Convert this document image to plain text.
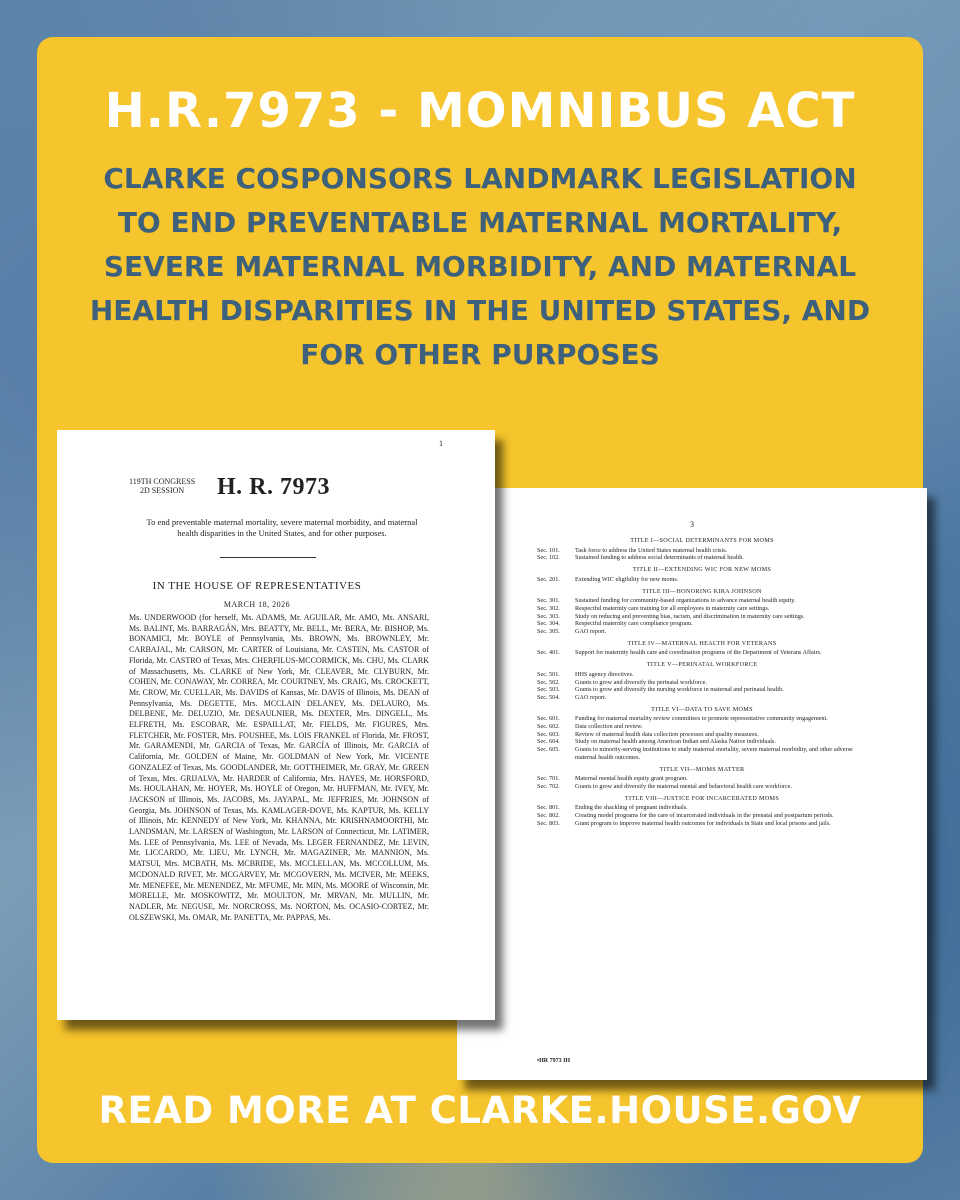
H.R.7973 - MOMNIBUS ACT

CLARKE COSPONSORS LANDMARK LEGISLATION TO END PREVENTABLE MATERNAL MORTALITY, SEVERE MATERNAL MORBIDITY, AND MATERNAL HEALTH DISPARITIES IN THE UNITED STATES, AND FOR OTHER PURPOSES

3
TITLE I—SOCIAL DETERMINANTS FOR MOMS
Sec. 101.	Task force to address the United States maternal health crisis.
Sec. 102.	Sustained funding to address social determinants of maternal health.
TITLE II—EXTENDING WIC FOR NEW MOMS
Sec. 201.	Extending WIC eligibility for new moms.
TITLE III—HONORING KIRA JOHNSON
Sec. 301.	Sustained funding for community-based organizations to advance maternal health equity.
Sec. 302.	Respectful maternity care training for all employees in maternity care settings.
Sec. 303.	Study on reducing and preventing bias, racism, and discrimination in maternity care settings.
Sec. 304.	Respectful maternity care compliance program.
Sec. 305.	GAO report.
TITLE IV—MATERNAL HEALTH FOR VETERANS
Sec. 401.	Support for maternity health care and coordination programs of the Department of Veterans Affairs.
TITLE V—PERINATAL WORKFORCE
Sec. 501.	HHS agency directives.
Sec. 502.	Grants to grow and diversify the perinatal workforce.
Sec. 503.	Grants to grow and diversify the nursing workforce in maternal and perinatal health.
Sec. 504.	GAO report.
TITLE VI—DATA TO SAVE MOMS
Sec. 601.	Funding for maternal mortality review committees to promote representative community engagement.
Sec. 602.	Data collection and review.
Sec. 603.	Review of maternal health data collection processes and quality measures.
Sec. 604.	Study on maternal health among American Indian and Alaska Native individuals.
Sec. 605.	Grants to minority-serving institutions to study maternal mortality, severe maternal morbidity, and other adverse maternal health outcomes.
TITLE VII—MOMS MATTER
Sec. 701.	Maternal mental health equity grant program.
Sec. 702.	Grants to grow and diversify the maternal mental and behavioral health care workforce.
TITLE VIII—JUSTICE FOR INCARCERATED MOMS
Sec. 801.	Ending the shackling of pregnant individuals.
Sec. 802.	Creating model programs for the care of incarcerated individuals in the prenatal and postpartum periods.
Sec. 803.	Grant program to improve maternal health outcomes for individuals in State and local prisons and jails.
•HR 7973 IH
1
119TH CONGRESS
2D SESSION	H. R. 7973
To end preventable maternal mortality, severe maternal morbidity, and maternal health disparities in the United States, and for other purposes.
IN THE HOUSE OF REPRESENTATIVES
MARCH 18, 2026

Ms. UNDERWOOD (for herself, Ms. ADAMS, Mr. AGUILAR, Mr. AMO, Ms. ANSARI, Ms. BALINT, Ms. BARRAGÁN, Mrs. BEATTY, Mr. BELL, Mr. BERA, Mr. BISHOP, Ms. BONAMICI, Mr. BOYLE of Pennsylvania, Ms. BROWN, Ms. BROWNLEY, Mr. CARBAJAL, Mr. CARSON, Mr. CARTER of Louisiana, Mr. CASTEN, Ms. CASTOR of Florida, Mr. CASTRO of Texas, Mrs. CHERFILUS-MCCORMICK, Ms. CHU, Ms. CLARK of Massachusetts, Ms. CLARKE of New York, Mr. CLEAVER, Mr. CLYBURN, Mr. COHEN, Mr. CONAWAY, Mr. CORREA, Mr. COURTNEY, Ms. CRAIG, Ms. CROCKETT, Mr. CROW, Mr. CUELLAR, Ms. DAVIDS of Kansas, Mr. DAVIS of Illinois, Ms. DEAN of Pennsylvania, Ms. DEGETTE, Mrs. MCCLAIN DELANEY, Ms. DELAURO, Ms. DELBENE, Mr. DELUZIO, Mr. DESAULNIER, Ms. DEXTER, Mrs. DINGELL, Ms. ELFRETH, Ms. ESCOBAR, Mr. ESPAILLAT, Mr. FIELDS, Mr. FIGURES, Mrs. FLETCHER, Mr. FOSTER, Mrs. FOUSHEE, Ms. LOIS FRANKEL of Florida, Mr. FROST, Mr. GARAMENDI, Mr. GARCIA of Texas, Mr. GARCÍA of Illinois, Mr. GARCIA of California, Mr. GOLDEN of Maine, Mr. GOLDMAN of New York, Mr. VICENTE GONZALEZ of Texas, Ms. GOODLANDER, Mr. GOTTHEIMER, Mr. GRAY, Mr. GREEN of Texas, Mrs. GRIJALVA, Mr. HARDER of California, Mrs. HAYES, Mr. HORSFORD, Ms. HOULAHAN, Mr. HOYER, Ms. HOYLE of Oregon, Mr. HUFFMAN, Mr. IVEY, Mr. JACKSON of Illinois, Ms. JACOBS, Ms. JAYAPAL, Mr. JEFFRIES, Mr. JOHNSON of Georgia, Ms. JOHNSON of Texas, Ms. KAMLAGER-DOVE, Ms. KAPTUR, Ms. KELLY of Illinois, Mr. KENNEDY of New York, Mr. KHANNA, Mr. KRISHNAMOORTHI, Mr. LANDSMAN, Mr. LARSEN of Washington, Mr. LARSON of Connecticut, Mr. LATIMER, Ms. LEE of Pennsylvania, Ms. LEE of Nevada, Ms. LEGER FERNANDEZ, Mr. LEVIN, Mr. LICCARDO, Mr. LIEU, Mr. LYNCH, Mr. MAGAZINER, Mr. MANNION, Ms. MATSUI, Mrs. MCBATH, Ms. MCBRIDE, Ms. MCCLELLAN, Ms. MCCOLLUM, Ms. MCDONALD RIVET, Mr. MCGARVEY, Mr. MCGOVERN, Ms. MCIVER, Mr. MEEKS, Mr. MENEFEE, Mr. MENENDEZ, Mr. MFUME, Mr. MIN, Ms. MOORE of Wisconsin, Mr. MORELLE, Mr. MOSKOWITZ, Mr. MOULTON, Mr. MRVAN, Mr. MULLIN, Mr. NADLER, Mr. NEGUSE, Mr. NORCROSS, Ms. NORTON, Ms. OCASIO-CORTEZ, Mr. OLSZEWSKI, Ms. OMAR, Mr. PANETTA, Mr. PAPPAS, Ms.

READ MORE AT CLARKE.HOUSE.GOV
